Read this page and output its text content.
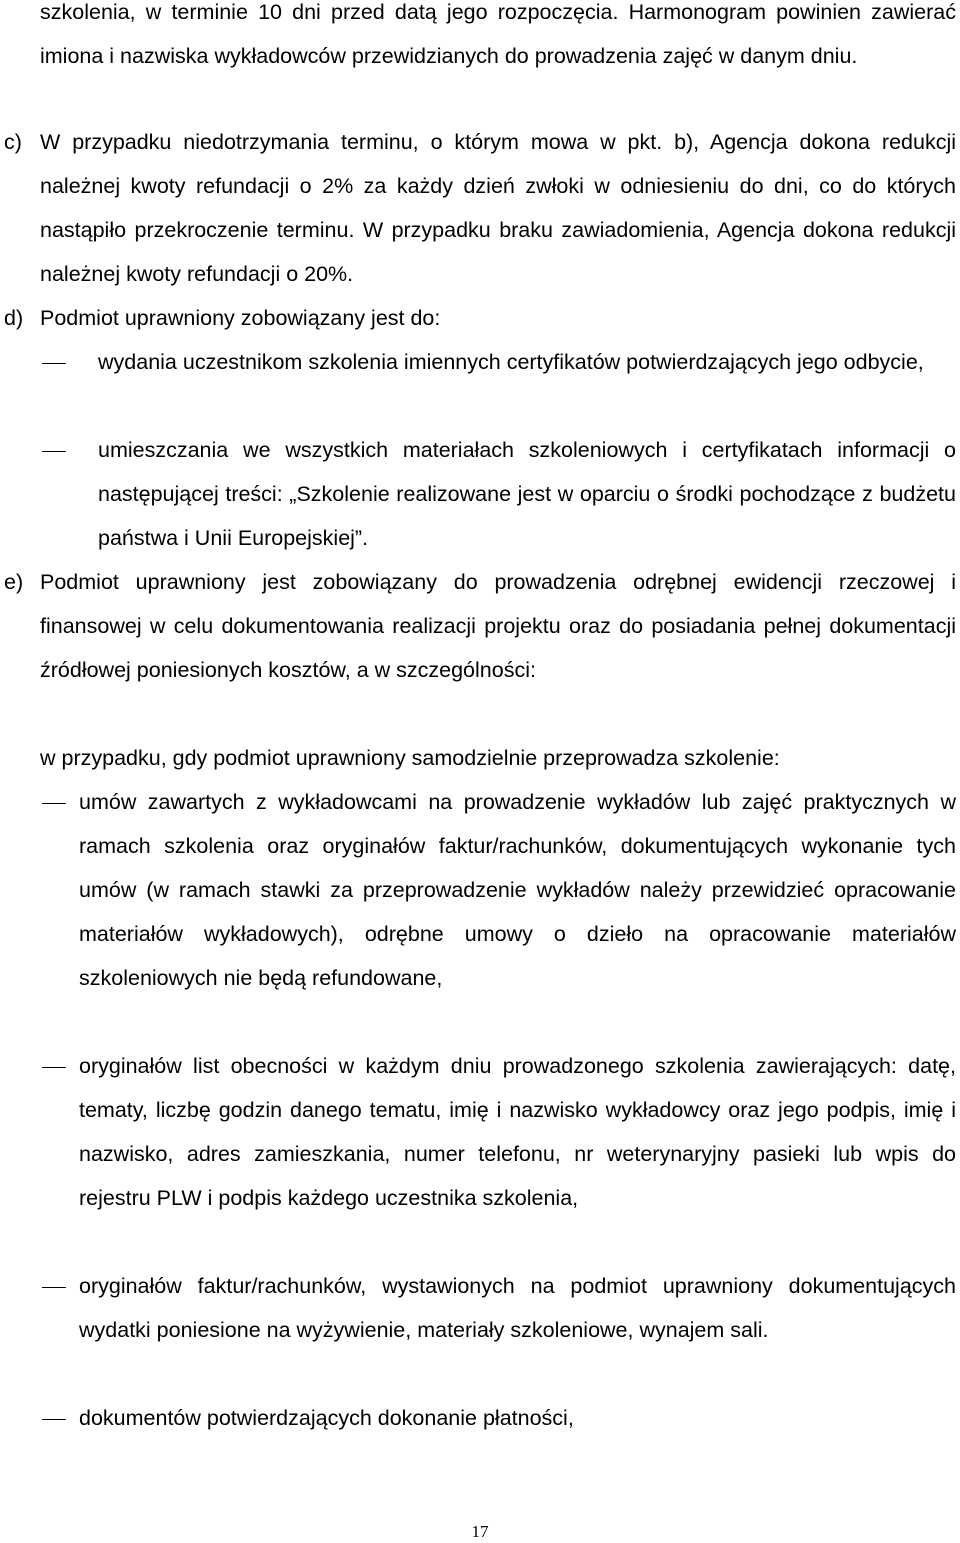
szkolenia, w terminie 10 dni przed datą jego rozpoczęcia. Harmonogram powinien zawierać imiona i nazwiska wykładowców przewidzianych do prowadzenia zajęć w danym dniu.
c) W przypadku niedotrzymania terminu, o którym mowa w pkt. b), Agencja dokona redukcji należnej kwoty refundacji o 2% za każdy dzień zwłoki w odniesieniu do dni, co do których nastąpiło przekroczenie terminu. W przypadku braku zawiadomienia, Agencja dokona redukcji należnej kwoty refundacji o 20%.
d) Podmiot uprawniony zobowiązany jest do:
wydania uczestnikom szkolenia imiennych certyfikatów potwierdzających jego odbycie,
umieszczania we wszystkich materiałach szkoleniowych i certyfikatach informacji o następującej treści: „Szkolenie realizowane jest w oparciu o środki pochodzące z budżetu państwa i Unii Europejskiej”.
e) Podmiot uprawniony jest zobowiązany do prowadzenia odrębnej ewidencji rzeczowej i finansowej w celu dokumentowania realizacji projektu oraz do posiadania pełnej dokumentacji źródłowej poniesionych kosztów, a w szczególności:
w przypadku, gdy podmiot uprawniony samodzielnie przeprowadza szkolenie:
umów zawartych z wykładowcami na prowadzenie wykładów lub zajęć praktycznych w ramach szkolenia oraz oryginałów faktur/rachunków, dokumentujących wykonanie tych umów (w ramach stawki za przeprowadzenie wykładów należy przewidzieć opracowanie materiałów wykładowych), odrębne umowy o dzieło na opracowanie materiałów szkoleniowych nie będą refundowane,
oryginałów list obecności w każdym dniu prowadzonego szkolenia zawierających: datę, tematy, liczbę godzin danego tematu, imię i nazwisko wykładowcy oraz jego podpis, imię i nazwisko, adres zamieszkania, numer telefonu, nr weterynaryjny pasieki lub wpis do rejestru PLW i podpis każdego uczestnika szkolenia,
oryginałów faktur/rachunków, wystawionych na podmiot uprawniony dokumentujących wydatki poniesione na wyżywienie, materiały szkoleniowe, wynajem sali.
dokumentów potwierdzających dokonanie płatności,
17
